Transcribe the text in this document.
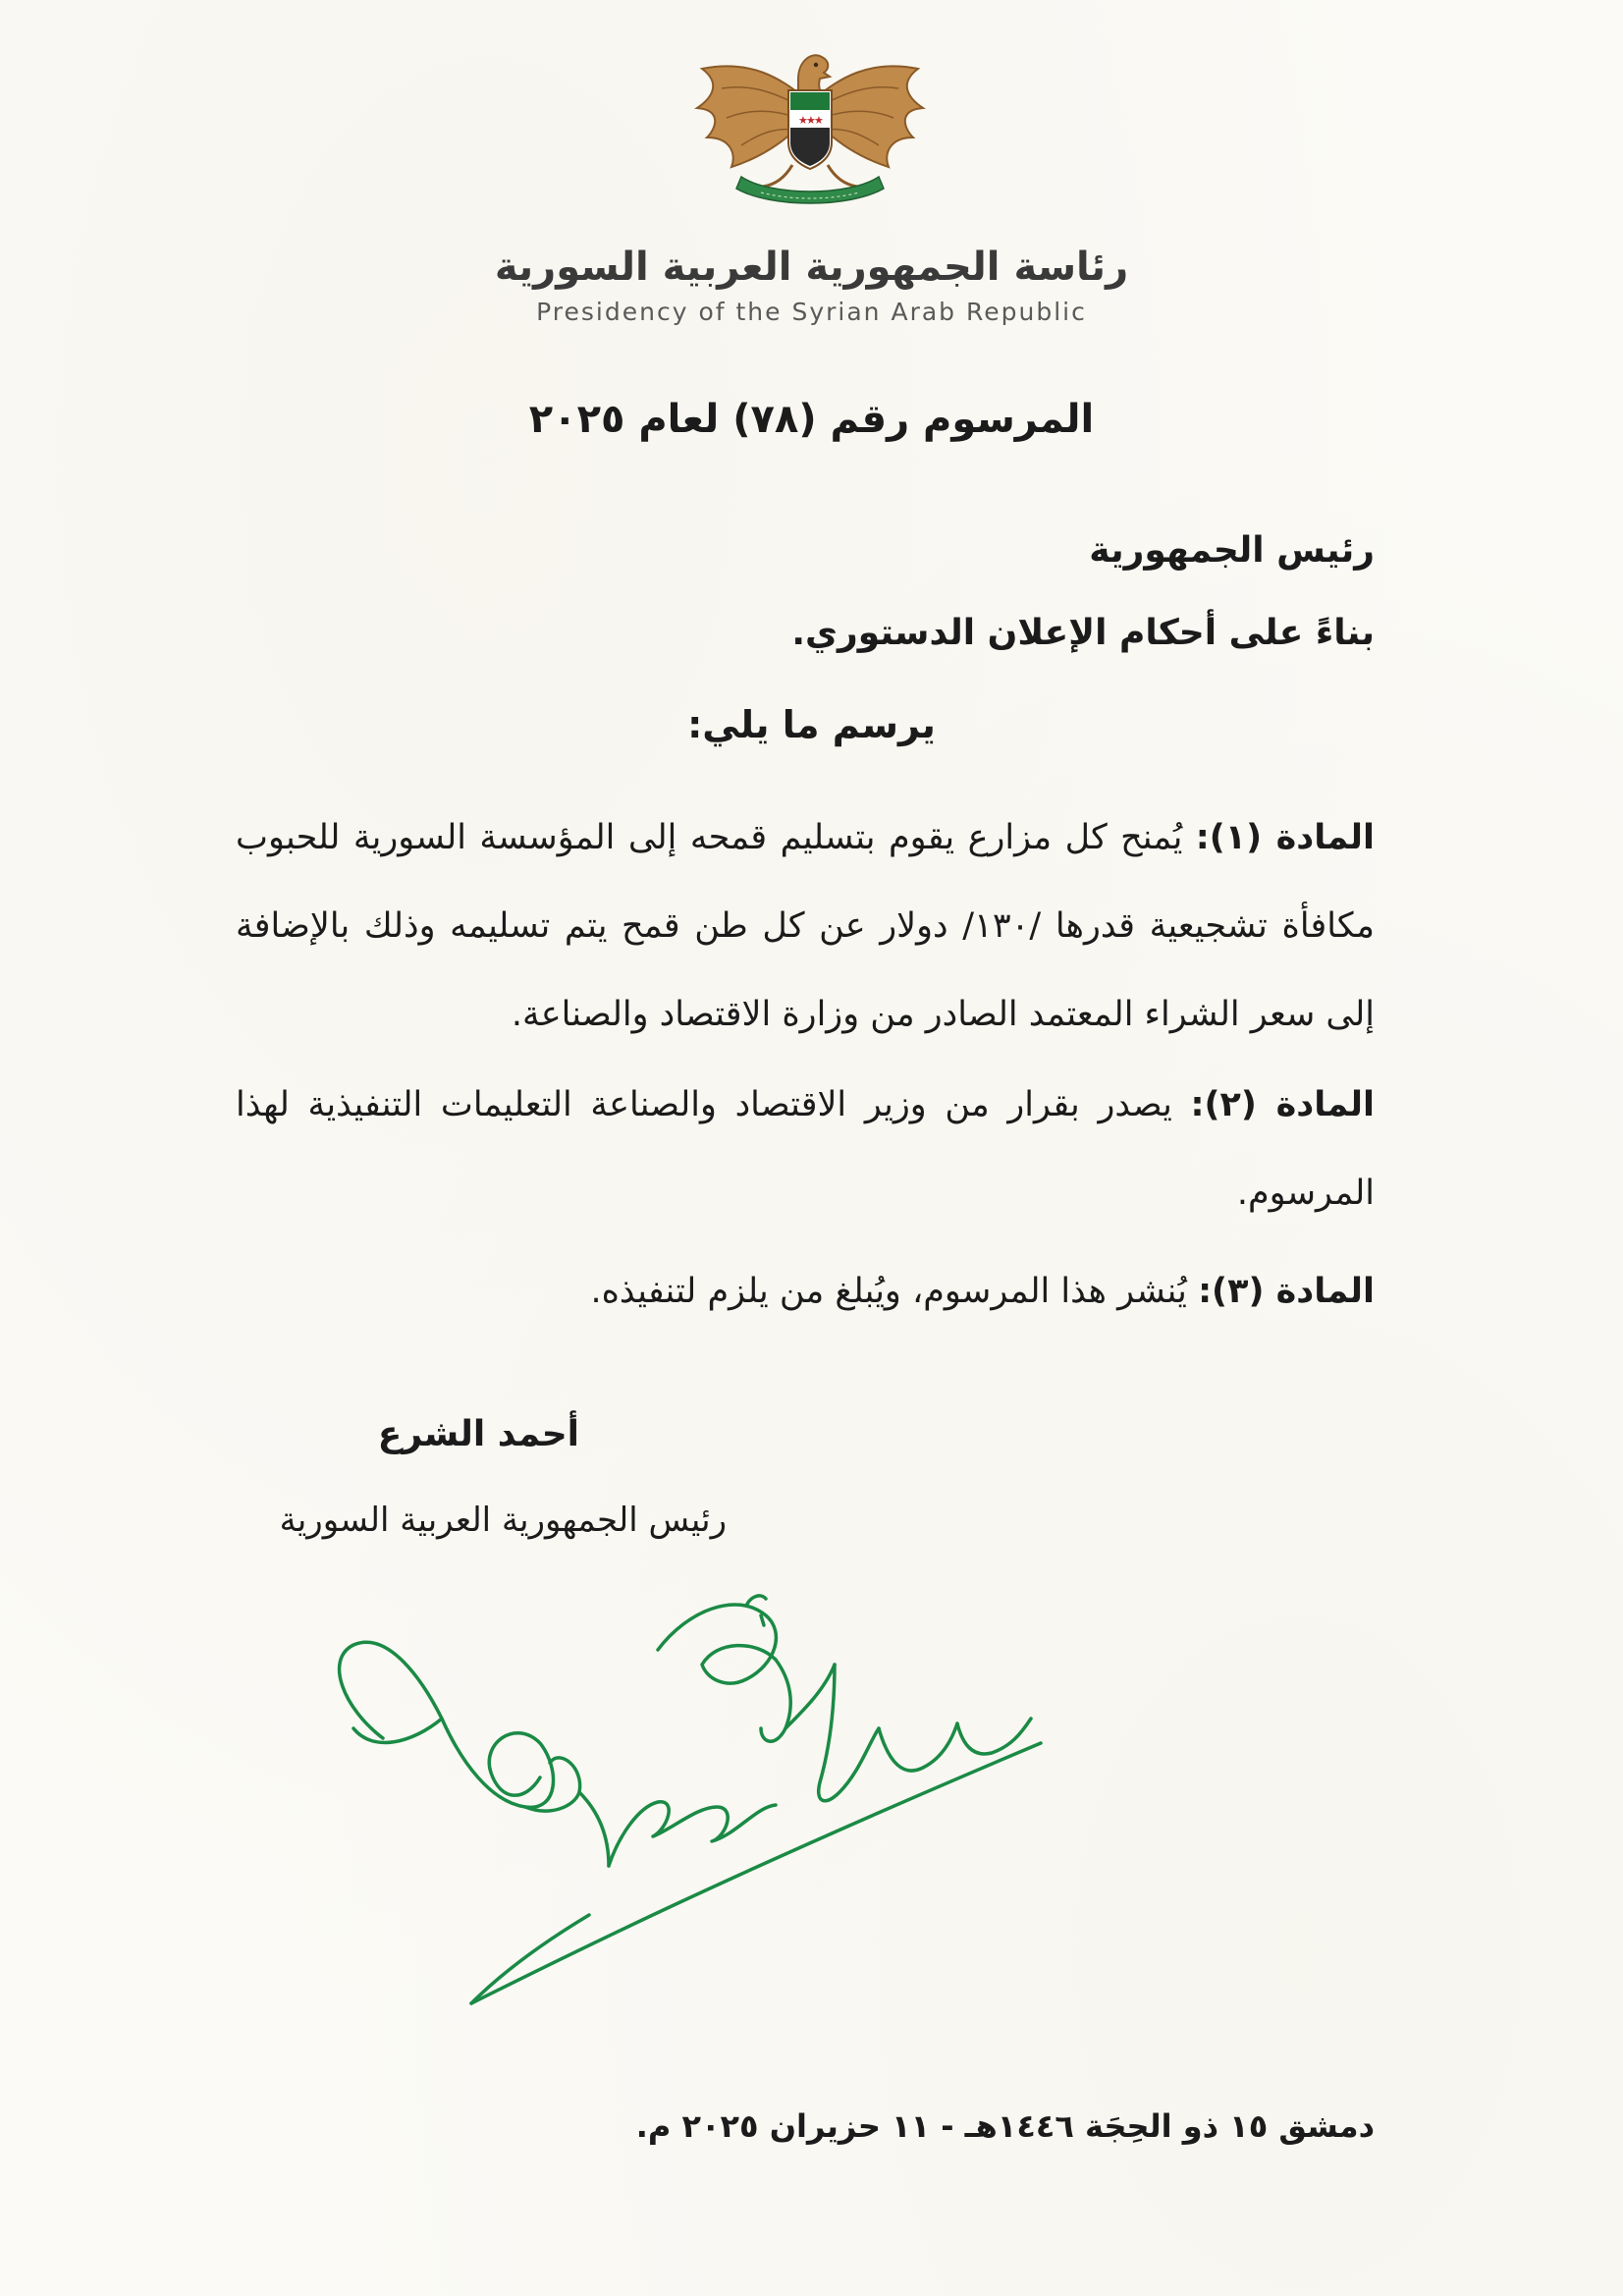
★
★
★
رئاسة الجمهورية العربية السورية
Presidency of the Syrian Arab Republic
المرسوم رقم (٧٨) لعام ٢٠٢٥
رئيس الجمهورية
بناءً على أحكام الإعلان الدستوري.
يرسم ما يلي:
المادة (١): يُمنح كل مزارع يقوم بتسليم قمحه إلى المؤسسة السورية للحبوب مكافأة تشجيعية قدرها /١٣٠/ دولار عن كل طن قمح يتم تسليمه وذلك بالإضافة إلى سعر الشراء المعتمد الصادر من وزارة الاقتصاد والصناعة.
المادة (٢): يصدر بقرار من وزير الاقتصاد والصناعة التعليمات التنفيذية لهذا المرسوم.
المادة (٣): يُنشر هذا المرسوم، ويُبلغ من يلزم لتنفيذه.
أحمد الشرع
رئيس الجمهورية العربية السورية
دمشق ١٥ ذو الحِجَة ١٤٤٦هـ - ١١ حزيران ٢٠٢٥ م.
